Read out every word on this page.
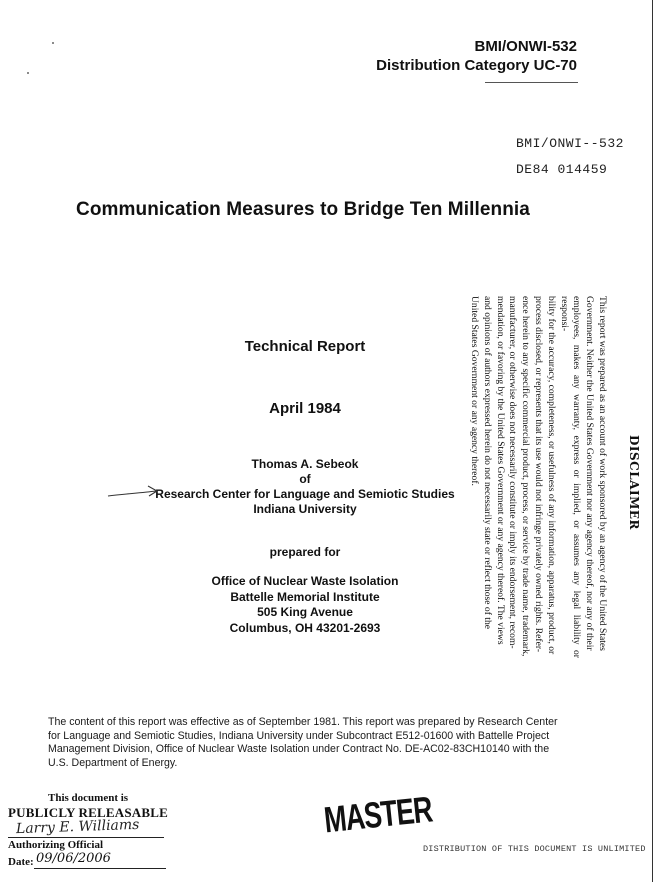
BMI/ONWI-532
Distribution Category UC-70
BMI/ONWI--532
DE84 014459
Communication Measures to Bridge Ten Millennia
Technical Report
April 1984
Thomas A. Sebeok
of
Research Center for Language and Semiotic Studies
Indiana University
prepared for
Office of Nuclear Waste Isolation
Battelle Memorial Institute
505 King Avenue
Columbus, OH 43201-2693
DISCLAIMER
This report was prepared as an account of work sponsored by an agency of the United States
Government. Neither the United States Government nor any agency thereof, nor any of their
employees, makes any warranty, express or implied, or assumes any legal liability or responsi-
bility for the accuracy, completeness, or usefulness of any information, apparatus, product, or
process disclosed, or represents that its use would not infringe privately owned rights. Refer-
ence herein to any specific commercial product, process, or service by trade name, trademark,
manufacturer, or otherwise does not necessarily constitute or imply its endorsement, recom-
mendation, or favoring by the United States Government or any agency thereof. The views
and opinions of authors expressed herein do not necessarily state or reflect those of the
United States Government or any agency thereof.
The content of this report was effective as of September 1981. This report was prepared by Research Center for Language and Semiotic Studies, Indiana University under Subcontract E512-01600 with Battelle Project Management Division, Office of Nuclear Waste Isolation under Contract No. DE-AC02-83CH10140 with the U.S. Department of Energy.
This document is
PUBLICLY RELEASABLE
Larry E. Williams
Authorizing Official
Date: 09/06/2006
MASTER
DISTRIBUTION OF THIS DOCUMENT IS UNLIMITED
